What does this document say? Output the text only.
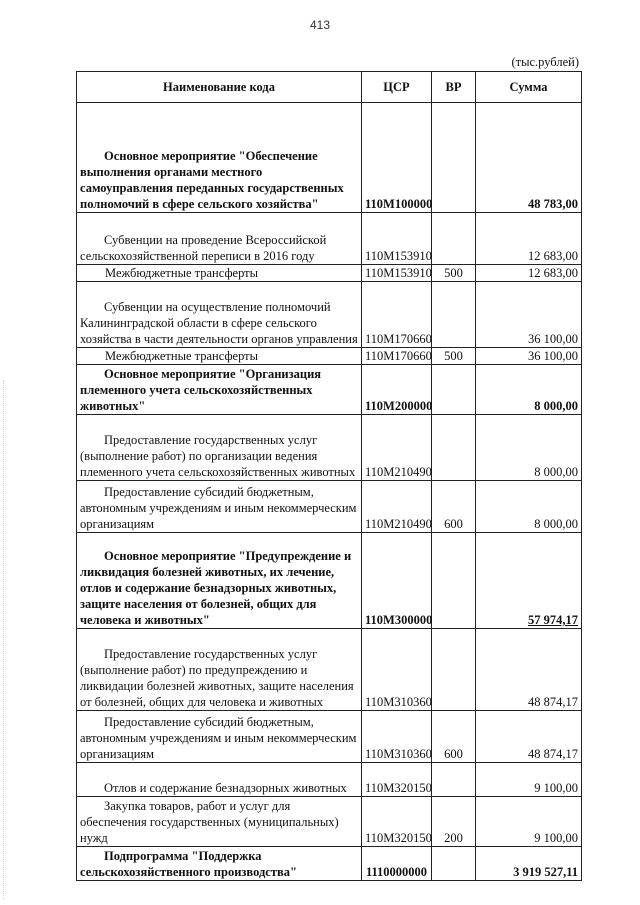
413
(тыс.рублей)
Наименование кода	ЦСР	ВР	Сумма
Основное мероприятие "Обеспечение выполнения органами местного самоуправления переданных государственных полномочий в сфере сельского хозяйства"	110М100000		48 783,00
Субвенции на проведение Всероссийской сельскохозяйственной переписи в 2016 году	110М153910		12 683,00
Межбюджетные трансферты	110М153910	500	12 683,00
Субвенции на осуществление полномочий Калининградской области в сфере сельского хозяйства в части деятельности органов управления	110М170660		36 100,00
Межбюджетные трансферты	110М170660	500	36 100,00
Основное мероприятие "Организация племенного учета сельскохозяйственных животных"	110М200000		8 000,00
Предоставление государственных услуг (выполнение работ) по организации ведения племенного учета сельскохозяйственных животных	110М210490		8 000,00
Предоставление субсидий бюджетным, автономным учреждениям и иным некоммерческим организациям	110М210490	600	8 000,00
Основное мероприятие "Предупреждение и ликвидация болезней животных, их лечение, отлов и содержание безнадзорных животных, защите населения от болезней, общих для человека и животных"	110М300000		57 974,17
Предоставление государственных услуг (выполнение работ) по предупреждению и ликвидации болезней животных, защите населения от болезней, общих для человека и животных	110М310360		48 874,17
Предоставление субсидий бюджетным, автономным учреждениям и иным некоммерческим организациям	110М310360	600	48 874,17
Отлов и содержание безнадзорных животных	110М320150		9 100,00
Закупка товаров, работ и услуг для обеспечения государственных (муниципальных) нужд	110М320150	200	9 100,00
Подпрограмма "Поддержка сельскохозяйственного производства"	1110000000		3 919 527,11
